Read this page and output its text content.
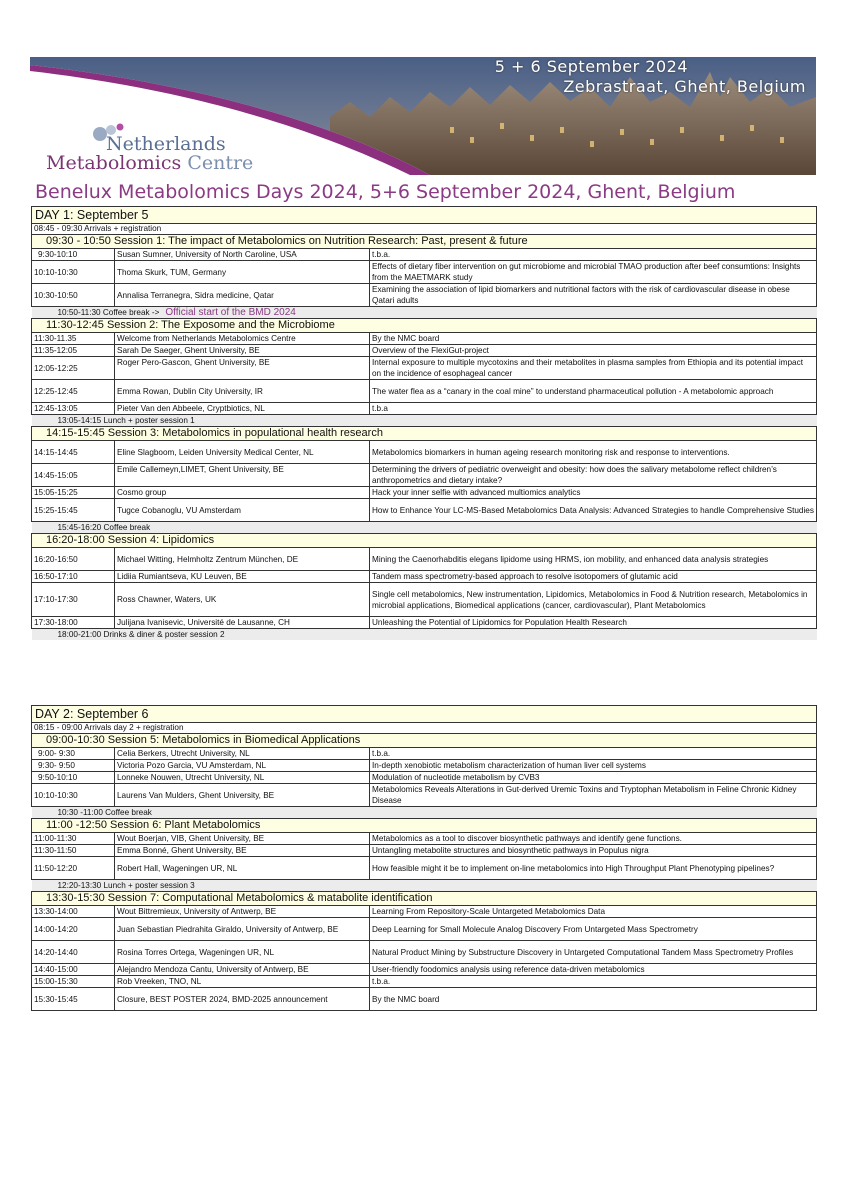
5 + 6 September 2024
Zebrastraat, Ghent, Belgium
Netherlands
Metabolomics Centre
Benelux Metabolomics Days 2024, 5+6 September 2024, Ghent, Belgium
DAY 1: September 5		
08:45 - 09:30 Arrivals + registration		
09:30 - 10:50 Session 1: The impact of Metabolomics on Nutrition Research: Past, present & future		
9:30-10:10	Susan Sumner, University of North Caroline, USA	t.b.a.
10:10-10:30	Thoma Skurk, TUM, Germany	Effects of dietary fiber intervention on gut microbiome and microbial TMAO production after beef consumtions: Insights from the MAETMARK study
10:30-10:50	Annalisa Terranegra, Sidra medicine, Qatar	Examining the association of lipid biomarkers and nutritional factors with the risk of cardiovascular disease in obese Qatari adults
10:50-11:30 Coffee break -> Official start of the BMD 2024		
11:30-12:45 Session 2: The Exposome and the Microbiome		
11:30-11.35	Welcome from Netherlands Metabolomics Centre	By the NMC board
11:35-12:05	Sarah De Saeger, Ghent University, BE	Overview of the FlexiGut-project
12:05-12:25	Roger Pero-Gascon, Ghent University, BE	Internal exposure to multiple mycotoxins and their metabolites in plasma samples from Ethiopia and its potential impact on the incidence of esophageal cancer
12:25-12:45	Emma Rowan, Dublin City University, IR	The water flea as a “canary in the coal mine” to understand pharmaceutical pollution - A metabolomic approach
12:45-13:05	Pieter Van den Abbeele, Cryptbiotics, NL	t.b.a
13:05-14:15 Lunch + poster session 1		
14:15-15:45 Session 3: Metabolomics in populational health research		
14:15-14:45	Eline Slagboom, Leiden University Medical Center, NL	Metabolomics biomarkers in human ageing research monitoring risk and response to interventions.
14:45-15:05	Emile Callemeyn,LIMET, Ghent University, BE	Determining the drivers of pediatric overweight and obesity: how does the salivary metabolome reflect children’s anthropometrics and dietary intake?
15:05-15:25	Cosmo group	Hack your inner selfie with advanced multiomics analytics
15:25-15:45	Tugce Cobanoglu, VU Amsterdam	How to Enhance Your LC-MS-Based Metabolomics Data Analysis: Advanced Strategies to handle Comprehensive Studies
15:45-16:20 Coffee break		
16:20-18:00 Session 4: Lipidomics		
16:20-16:50	Michael Witting, Helmholtz Zentrum München, DE	Mining the Caenorhabditis elegans lipidome using HRMS, ion mobility, and enhanced data analysis strategies
16:50-17:10	Lidiia Rumiantseva, KU Leuven, BE	Tandem mass spectrometry-based approach to resolve isotopomers of glutamic acid
17:10-17:30	Ross Chawner, Waters, UK	Single cell metabolomics, New instrumentation, Lipidomics, Metabolomics in Food & Nutrition research, Metabolomics in microbial applications, Biomedical applications (cancer, cardiovascular), Plant Metabolomics
17:30-18:00	Julijana Ivanisevic, Université de Lausanne, CH	Unleashing the Potential of Lipidomics for Population Health Research
18:00-21:00 Drinks & diner & poster session 2		
DAY 2: September 6		
08:15 - 09:00 Arrivals day 2 + registration		
09:00-10:30 Session 5: Metabolomics in Biomedical Applications		
9:00- 9:30	Celia Berkers, Utrecht University, NL	t.b.a.
9:30- 9:50	Victoria Pozo Garcia, VU Amsterdam, NL	In-depth xenobiotic metabolism characterization of human liver cell systems
9:50-10:10	Lonneke Nouwen, Utrecht University, NL	Modulation of nucleotide metabolism by CVB3
10:10-10:30	Laurens Van Mulders, Ghent University, BE	Metabolomics Reveals Alterations in Gut-derived Uremic Toxins and Tryptophan Metabolism in Feline Chronic Kidney Disease
10:30 -11:00 Coffee break		
11:00 -12:50 Session 6: Plant Metabolomics		
11:00-11:30	Wout Boerjan, VIB, Ghent University, BE	Metabolomics as a tool to discover biosynthetic pathways and identify gene functions.
11:30-11:50	Emma Bonné, Ghent University, BE	Untangling metabolite structures and biosynthetic pathways in Populus nigra
11:50-12:20	Robert Hall, Wageningen UR, NL	How feasible might it be to implement on-line metabolomics into High Throughput Plant Phenotyping pipelines?
12:20-13:30 Lunch + poster session 3		
13:30-15:30 Session 7: Computational Metabolomics & matabolite identification		
13:30-14:00	Wout Bittremieux, University of Antwerp, BE	Learning From Repository-Scale Untargeted Metabolomics Data
14:00-14:20	Juan Sebastian Piedrahita Giraldo, University of Antwerp, BE	Deep Learning for Small Molecule Analog Discovery From Untargeted Mass Spectrometry
14:20-14:40	Rosina Torres Ortega, Wageningen UR, NL	Natural Product Mining by Substructure Discovery in Untargeted Computational Tandem Mass Spectrometry Profiles
14:40-15:00	Alejandro Mendoza Cantu, University of Antwerp, BE	User-friendly foodomics analysis using reference data-driven metabolomics
15:00-15:30	Rob Vreeken, TNO, NL	t.b.a.
15:30-15:45	Closure, BEST POSTER 2024, BMD-2025 announcement	By the NMC board
